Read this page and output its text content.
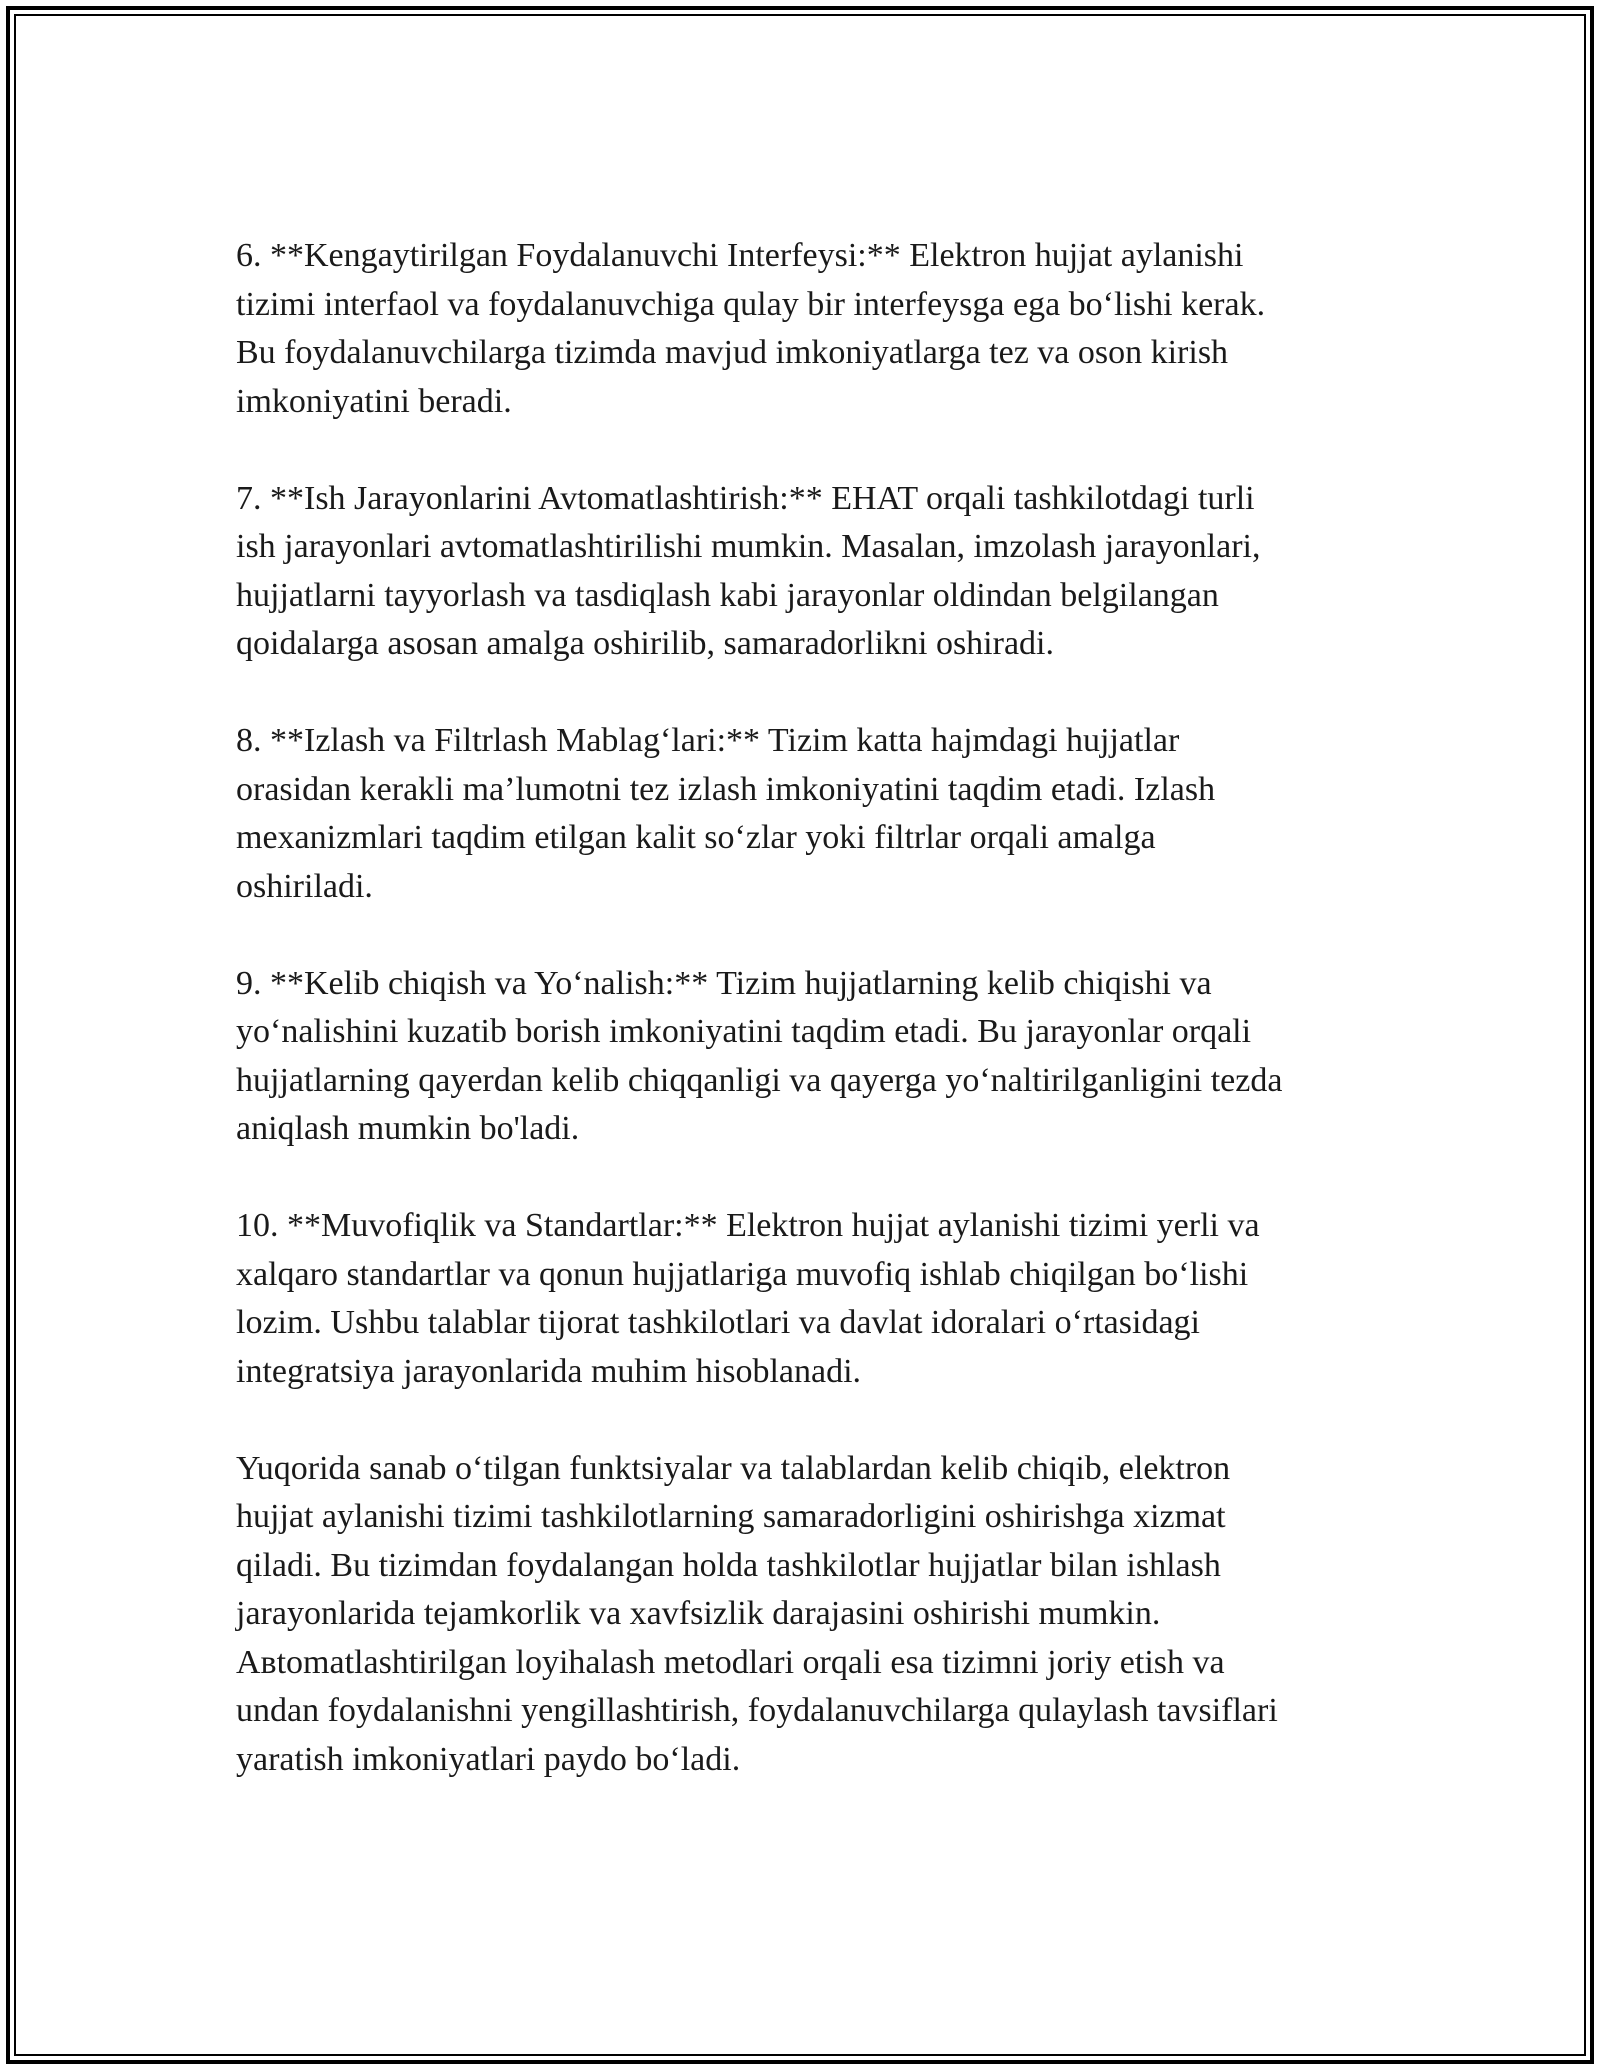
6. **Kengaytirilgan Foydalanuvchi Interfeysi:** Elektron hujjat aylanishi
tizimi interfaol va foydalanuvchiga qulay bir interfeysga ega bo‘lishi kerak.
Bu foydalanuvchilarga tizimda mavjud imkoniyatlarga tez va oson kirish
imkoniyatini beradi.

7. **Ish Jarayonlarini Avtomatlashtirish:** EHAT orqali tashkilotdagi turli
ish jarayonlari avtomatlashtirilishi mumkin. Masalan, imzolash jarayonlari,
hujjatlarni tayyorlash va tasdiqlash kabi jarayonlar oldindan belgilangan
qoidalarga asosan amalga oshirilib, samaradorlikni oshiradi.

8. **Izlash va Filtrlash Mablag‘lari:** Tizim katta hajmdagi hujjatlar
orasidan kerakli ma’lumotni tez izlash imkoniyatini taqdim etadi. Izlash
mexanizmlari taqdim etilgan kalit so‘zlar yoki filtrlar orqali amalga
oshiriladi.

9. **Kelib chiqish va Yo‘nalish:** Tizim hujjatlarning kelib chiqishi va
yo‘nalishini kuzatib borish imkoniyatini taqdim etadi. Bu jarayonlar orqali
hujjatlarning qayerdan kelib chiqqanligi va qayerga yo‘naltirilganligini tezda
aniqlash mumkin bo'ladi.

10. **Muvofiqlik va Standartlar:** Elektron hujjat aylanishi tizimi yerli va
xalqaro standartlar va qonun hujjatlariga muvofiq ishlab chiqilgan bo‘lishi
lozim. Ushbu talablar tijorat tashkilotlari va davlat idoralari o‘rtasidagi
integratsiya jarayonlarida muhim hisoblanadi.

Yuqorida sanab o‘tilgan funktsiyalar va talablardan kelib chiqib, elektron
hujjat aylanishi tizimi tashkilotlarning samaradorligini oshirishga xizmat
qiladi. Bu tizimdan foydalangan holda tashkilotlar hujjatlar bilan ishlash
jarayonlarida tejamkorlik va xavfsizlik darajasini oshirishi mumkin.
Aвtomatlashtirilgan loyihalash metodlari orqali esa tizimni joriy etish va
undan foydalanishni yengillashtirish, foydalanuvchilarga qulaylash tavsiflari
yaratish imkoniyatlari paydo bo‘ladi.
